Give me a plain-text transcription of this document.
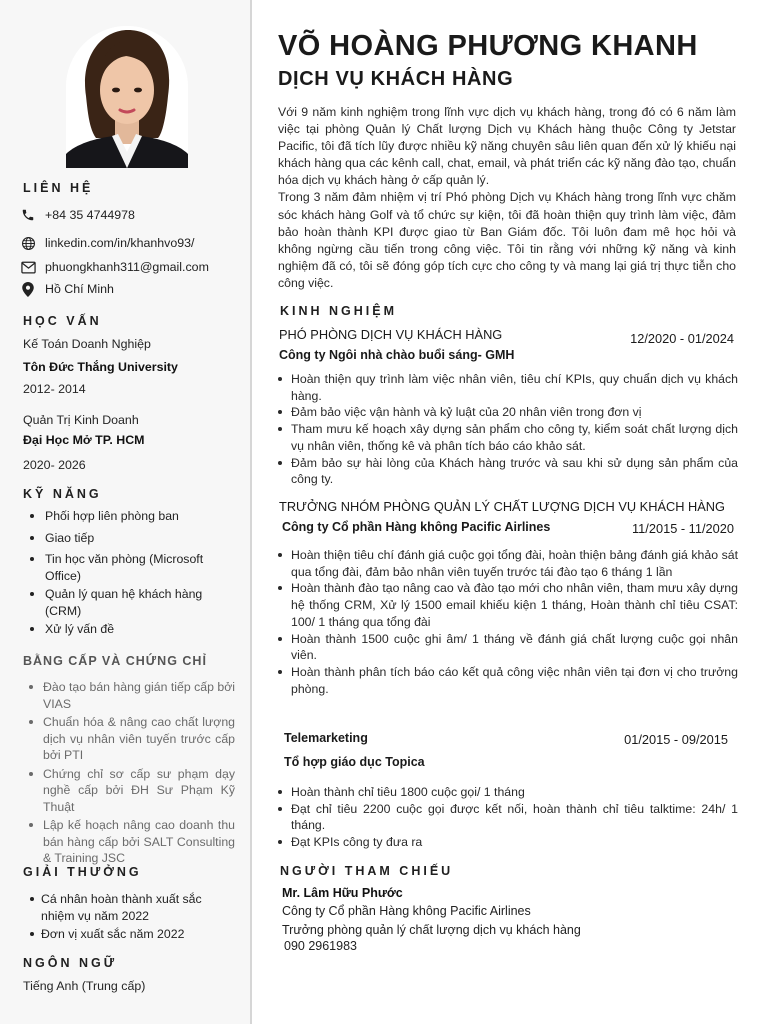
LIÊN HỆ
+84 35 4744978
linkedin.com/in/khanhvo93/
phuongkhanh311@gmail.com
Hồ Chí Minh
HỌC VẤN
Kế Toán Doanh Nghiệp
Tôn Đức Thắng University
2012- 2014
Quản Trị Kinh Doanh
Đại Học Mở TP. HCM
2020- 2026
KỸ NĂNG
Phối hợp liên phòng ban
Giao tiếp
Tin học văn phòng (Microsoft Office)
Quản lý quan hệ khách hàng (CRM)
Xử lý vấn đề
BẰNG CẤP VÀ CHỨNG CHỈ
Đào tạo bán hàng gián tiếp cấp bởi VIAS
Chuẩn hóa & nâng cao chất lượng dịch vụ nhân viên tuyến trước cấp bởi PTI
Chứng chỉ sơ cấp sư phạm dạy nghề cấp bởi ĐH Sư Phạm Kỹ Thuật
Lập kế hoạch nâng cao doanh thu bán hàng cấp bởi SALT Consulting & Training JSC
GIẢI THƯỞNG
Cá nhân hoàn thành xuất sắc nhiệm vụ năm 2022
Đơn vị xuất sắc năm 2022
NGÔN NGỮ
Tiếng Anh (Trung cấp)
VÕ HOÀNG PHƯƠNG KHANH
DỊCH VỤ KHÁCH HÀNG

Với 9 năm kinh nghiệm trong lĩnh vực dịch vụ khách hàng, trong đó có 6 năm làm việc tại phòng Quản lý Chất lượng Dịch vụ Khách hàng thuộc Công ty Jetstar Pacific, tôi đã tích lũy được nhiều kỹ năng chuyên sâu liên quan đến xử lý khiếu nại khách hàng qua các kênh call, chat, email, và phát triển các kỹ năng đào tạo, chuẩn hóa dịch vụ khách hàng ở cấp quản lý.

Trong 3 năm đảm nhiệm vị trí Phó phòng Dịch vụ Khách hàng trong lĩnh vực chăm sóc khách hàng Golf và tổ chức sự kiện, tôi đã hoàn thiện quy trình làm việc, đảm bảo hoàn thành KPI được giao từ Ban Giám đốc. Tôi luôn đam mê học hỏi và không ngừng cầu tiến trong công việc. Tôi tin rằng với những kỹ năng và kinh nghiệm đã có, tôi sẽ đóng góp tích cực cho công ty và mang lại giá trị thực tiễn cho công việc.

KINH NGHIỆM
PHÓ PHÒNG DỊCH VỤ KHÁCH HÀNG	12/2020 - 01/2024
Công ty Ngôi nhà chào buổi sáng- GMH
Hoàn thiện quy trình làm việc nhân viên, tiêu chí KPIs, quy chuẩn dịch vụ khách hàng.
Đảm bảo việc vận hành và kỷ luật của 20 nhân viên trong đơn vị
Tham mưu kế hoạch xây dựng sản phẩm cho công ty, kiểm soát chất lượng dịch vụ nhân viên, thống kê và phân tích báo cáo khảo sát.
Đảm bảo sự hài lòng của Khách hàng trước và sau khi sử dụng sản phẩm của công ty.
TRƯỞNG NHÓM PHÒNG QUẢN LÝ CHẤT LƯỢNG DỊCH VỤ KHÁCH HÀNG
Công ty Cổ phần Hàng không Pacific Airlines	11/2015 - 11/2020
Hoàn thiện tiêu chí đánh giá cuộc gọi tổng đài, hoàn thiện bảng đánh giá khảo sát qua tổng đài, đảm bảo nhân viên tuyến trước tái đào tạo 6 tháng 1 lần
Hoàn thành đào tạo nâng cao và đào tạo mới cho nhân viên, tham mưu xây dựng hệ thống CRM, Xử lý 1500 email khiếu kiện 1 tháng, Hoàn thành chỉ tiêu CSAT: 100/ 1 tháng qua tổng đài
Hoàn thành 1500 cuộc ghi âm/ 1 tháng về đánh giá chất lượng cuộc gọi nhân viên.
Hoàn thành phân tích báo cáo kết quả công việc nhân viên tại đơn vị cho trưởng phòng.
Telemarketing	01/2015 - 09/2015
Tổ hợp giáo dục Topica
Hoàn thành chỉ tiêu 1800 cuộc gọi/ 1 tháng
Đạt chỉ tiêu 2200 cuộc gọi được kết nối, hoàn thành chỉ tiêu talktime: 24h/ 1 tháng.
Đạt KPIs công ty đưa ra
NGƯỜI THAM CHIẾU
Mr. Lâm Hữu Phước
Công ty Cổ phần Hàng không Pacific Airlines
Trưởng phòng quản lý chất lượng dịch vụ khách hàng
090 2961983
